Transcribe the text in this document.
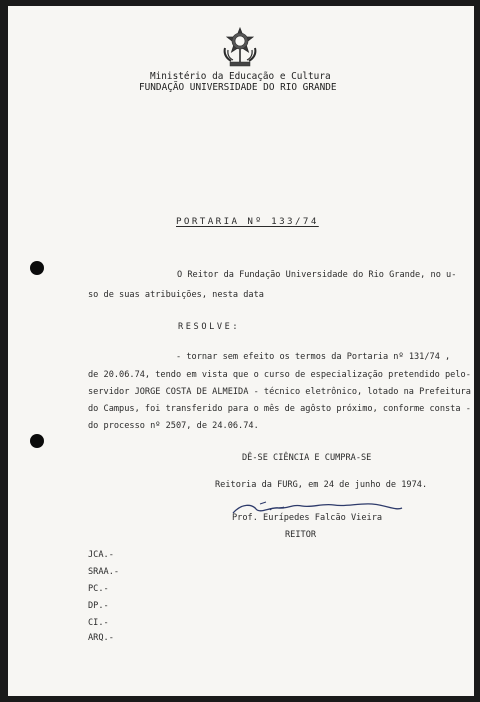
Ministério da Educação e Cultura
FUNDAÇÃO UNIVERSIDADE DO RIO GRANDE
PORTARIA Nº 133/74
O Reitor da Fundação Universidade do Rio Grande, no u-
so de suas atribuições, nesta data
RESOLVE:
- tornar sem efeito os termos da Portaria nº 131/74 ,
de 20.06.74, tendo em vista que o curso de especialização pretendido pelo-
servidor JORGE COSTA DE ALMEIDA - técnico eletrônico, lotado na Prefeitura
do Campus, foi transferido para o mês de agôsto próximo, conforme consta -
do processo nº 2507, de 24.06.74.
DÊ-SE CIÊNCIA E CUMPRA-SE
Reitoria da FURG, em 24 de junho de 1974.
Prof. Eurípedes Falcão Vieira
REITOR
JCA.-
SRAA.-
PC.-
DP.-
CI.-
ARQ.-
